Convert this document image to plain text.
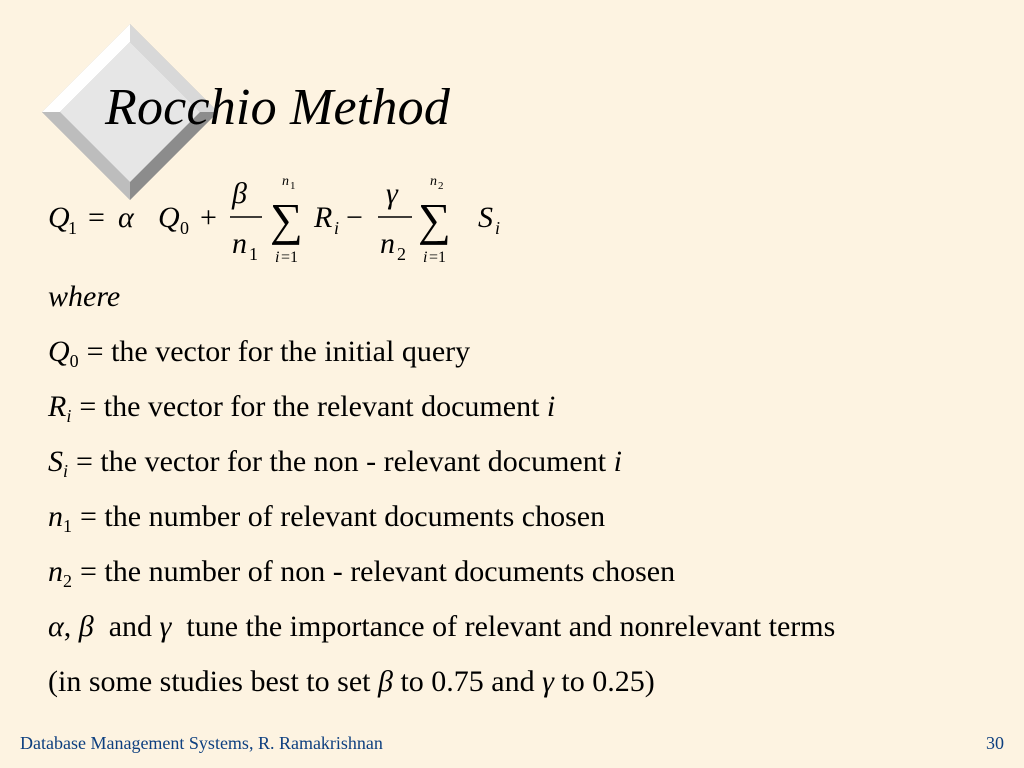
Rocchio Method
Q
1 = α Q 0 +
β
n 1
n 1
∑
i =1
R i −
γ
n 2
n 2
∑
i =1
S i

where

$Q_0$ = the vector for the initial query

$R_i$ = the vector for the relevant document i

$S_i$ = the vector for the non - relevant document i

$n_1$ = the number of relevant documents chosen

$n_2$ = the number of non - relevant documents chosen

α, β and γ tune the importance of relevant and nonrelevant terms

(in some studies best to set β to 0.75 and γ to 0.25)

Database Management Systems, R. Ramakrishnan	30
